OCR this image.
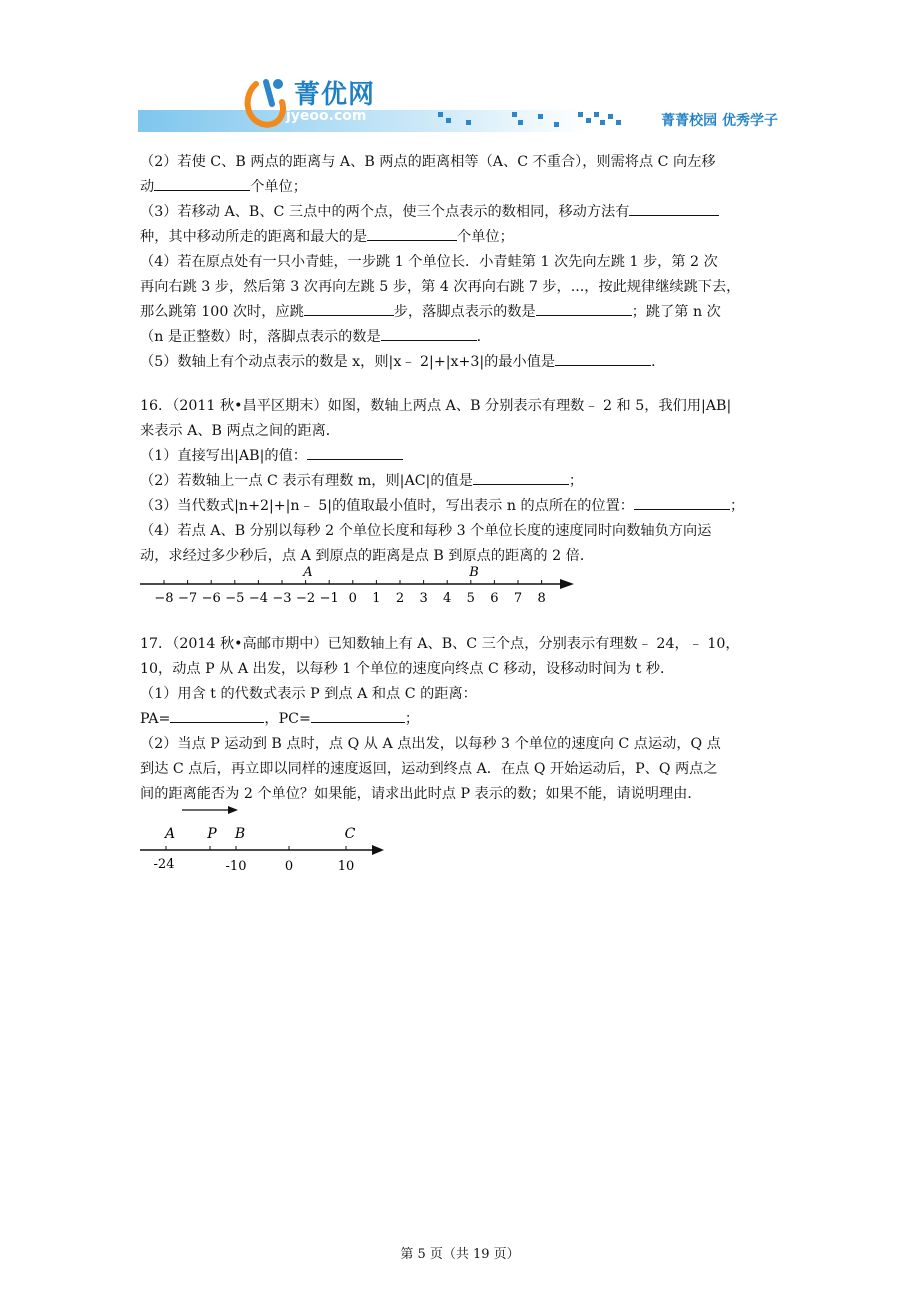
菁优网
jyeoo.com	菁菁校园 优秀学子
（2）若使 C、B 两点的距离与 A、B 两点的距离相等（A、C 不重合），则需将点 C 向左移
动	个单位；
（3）若移动 A、B、C 三点中的两个点，使三个点表示的数相同，移动方法有
种，其中移动所走的距离和最大的是	个单位；
（4）若在原点处有一只小青蛙，一步跳 1 个单位长．小青蛙第 1 次先向左跳 1 步，第 2 次
再向右跳 3 步，然后第 3 次再向左跳 5 步，第 4 次再向右跳 7 步，...，按此规律继续跳下去，
那么跳第 100 次时，应跳	步，落脚点表示的数是	；跳了第 n 次
（n 是正整数）时，落脚点表示的数是	．
（5）数轴上有个动点表示的数是 x，则|x﹣ 2|+|x+3|的最小值是	．
16．（2011 秋•昌平区期末）如图，数轴上两点 A、B 分别表示有理数﹣ 2 和 5，我们用|AB|
来表示 A、B 两点之间的距离．
（1）直接写出|AB|的值：
（2）若数轴上一点 C 表示有理数 m，则|AC|的值是	；
（3）当代数式|n+2|+|n﹣ 5|的值取最小值时，写出表示 n 的点所在的位置：	；
（4）若点 A、B 分别以每秒 2 个单位长度和每秒 3 个单位长度的速度同时向数轴负方向运
动，求经过多少秒后，点 A 到原点的距离是点 B 到原点的距离的 2 倍．
−8 −7 −6 −5 −4 −3 −2 −1 0 1 2 3 4 5 6 7 8
A	B
17．（2014 秋•高邮市期中）已知数轴上有 A、B、C 三个点，分别表示有理数﹣ 24，﹣ 10，
10，动点 P 从 A 出发，以每秒 1 个单位的速度向终点 C 移动，设移动时间为 t 秒．
（1）用含 t 的代数式表示 P 到点 A 和点 C 的距离：
PA=	，PC=	；
（2）当点 P 运动到 B 点时，点 Q 从 A 点出发，以每秒 3 个单位的速度向 C 点运动，Q 点
到达 C 点后，再立即以同样的速度返回，运动到终点 A．在点 Q 开始运动后，P、Q 两点之
间的距离能否为 2 个单位？如果能，请求出此时点 P 表示的数；如果不能，请说明理由．
A P B	C
-24	-10	0	10
第 5 页（共 19 页）
